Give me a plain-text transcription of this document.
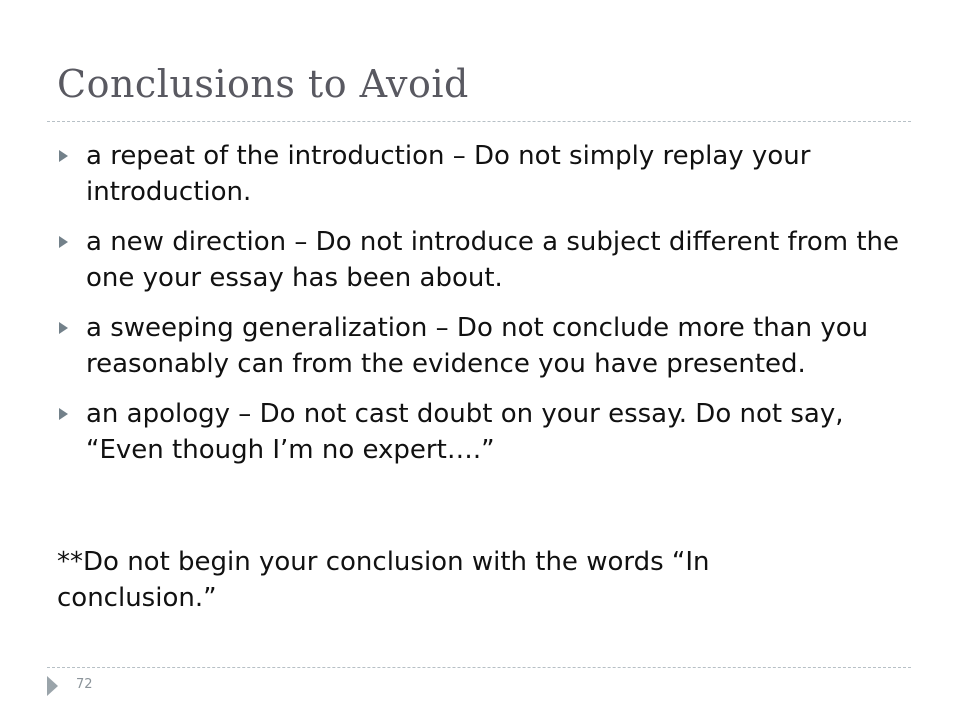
Conclusions to Avoid
a repeat of the introduction – Do not simply replay your introduction.
a new direction – Do not introduce a subject different from the one your essay has been about.
a sweeping generalization – Do not conclude more than you reasonably can from the evidence you have presented.
an apology – Do not cast doubt on your essay. Do not say, “Even though I’m no expert….”
**Do not begin your conclusion with the words “In conclusion.”
72
